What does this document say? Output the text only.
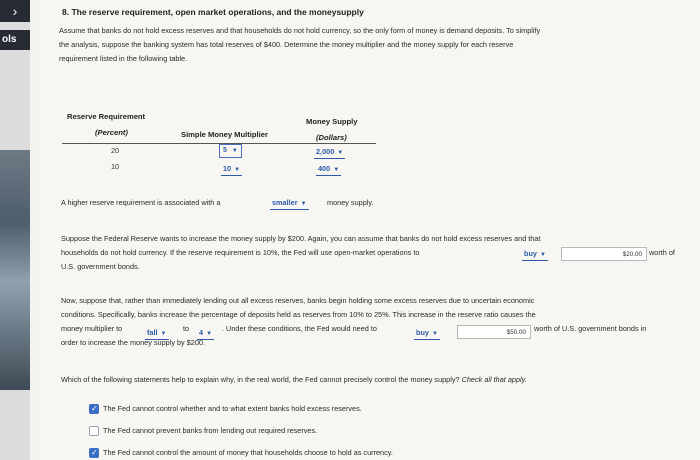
›
ols
8. The reserve requirement, open market operations, and the moneysupply
Assume that banks do not hold excess reserves and that households do not hold currency, so the only form of money is demand deposits. To simplify
the analysis, suppose the banking system has total reserves of $400. Determine the money multiplier and the money supply for each reserve
requirement listed in the following table.
Reserve Requirement
(Percent)	Simple Money Multiplier
Money Supply
(Dollars)
20	5 ▼	2,000 ▼
10	10 ▼	400 ▼
A higher reserve requirement is associated with a	smaller ▼	money supply.
Suppose the Federal Reserve wants to increase the money supply by $200. Again, you can assume that banks do not hold excess reserves and that
households do not hold currency. If the reserve requirement is 10%, the Fed will use open-market operations to
U.S. government bonds.
buy ▼	$20.00 worth of
Now, suppose that, rather than immediately lending out all excess reserves, banks begin holding some excess reserves due to uncertain economic
conditions. Specifically, banks increase the percentage of deposits held as reserves from 10% to 25%. This increase in the reserve ratio causes the
money multiplier to
order to increase the money supply by $200.
fall ▼
to 4 ▼
. Under these conditions, the Fed would need to	buy ▼	$50.00	worth of U.S. government bonds in
Which of the following statements help to explain why, in the real world, the Fed cannot precisely control the money supply? Check all that apply.
✓
The Fed cannot control whether and to what extent banks hold excess reserves.
The Fed cannot prevent banks from lending out required reserves.
✓
The Fed cannot control the amount of money that households choose to hold as currency.
